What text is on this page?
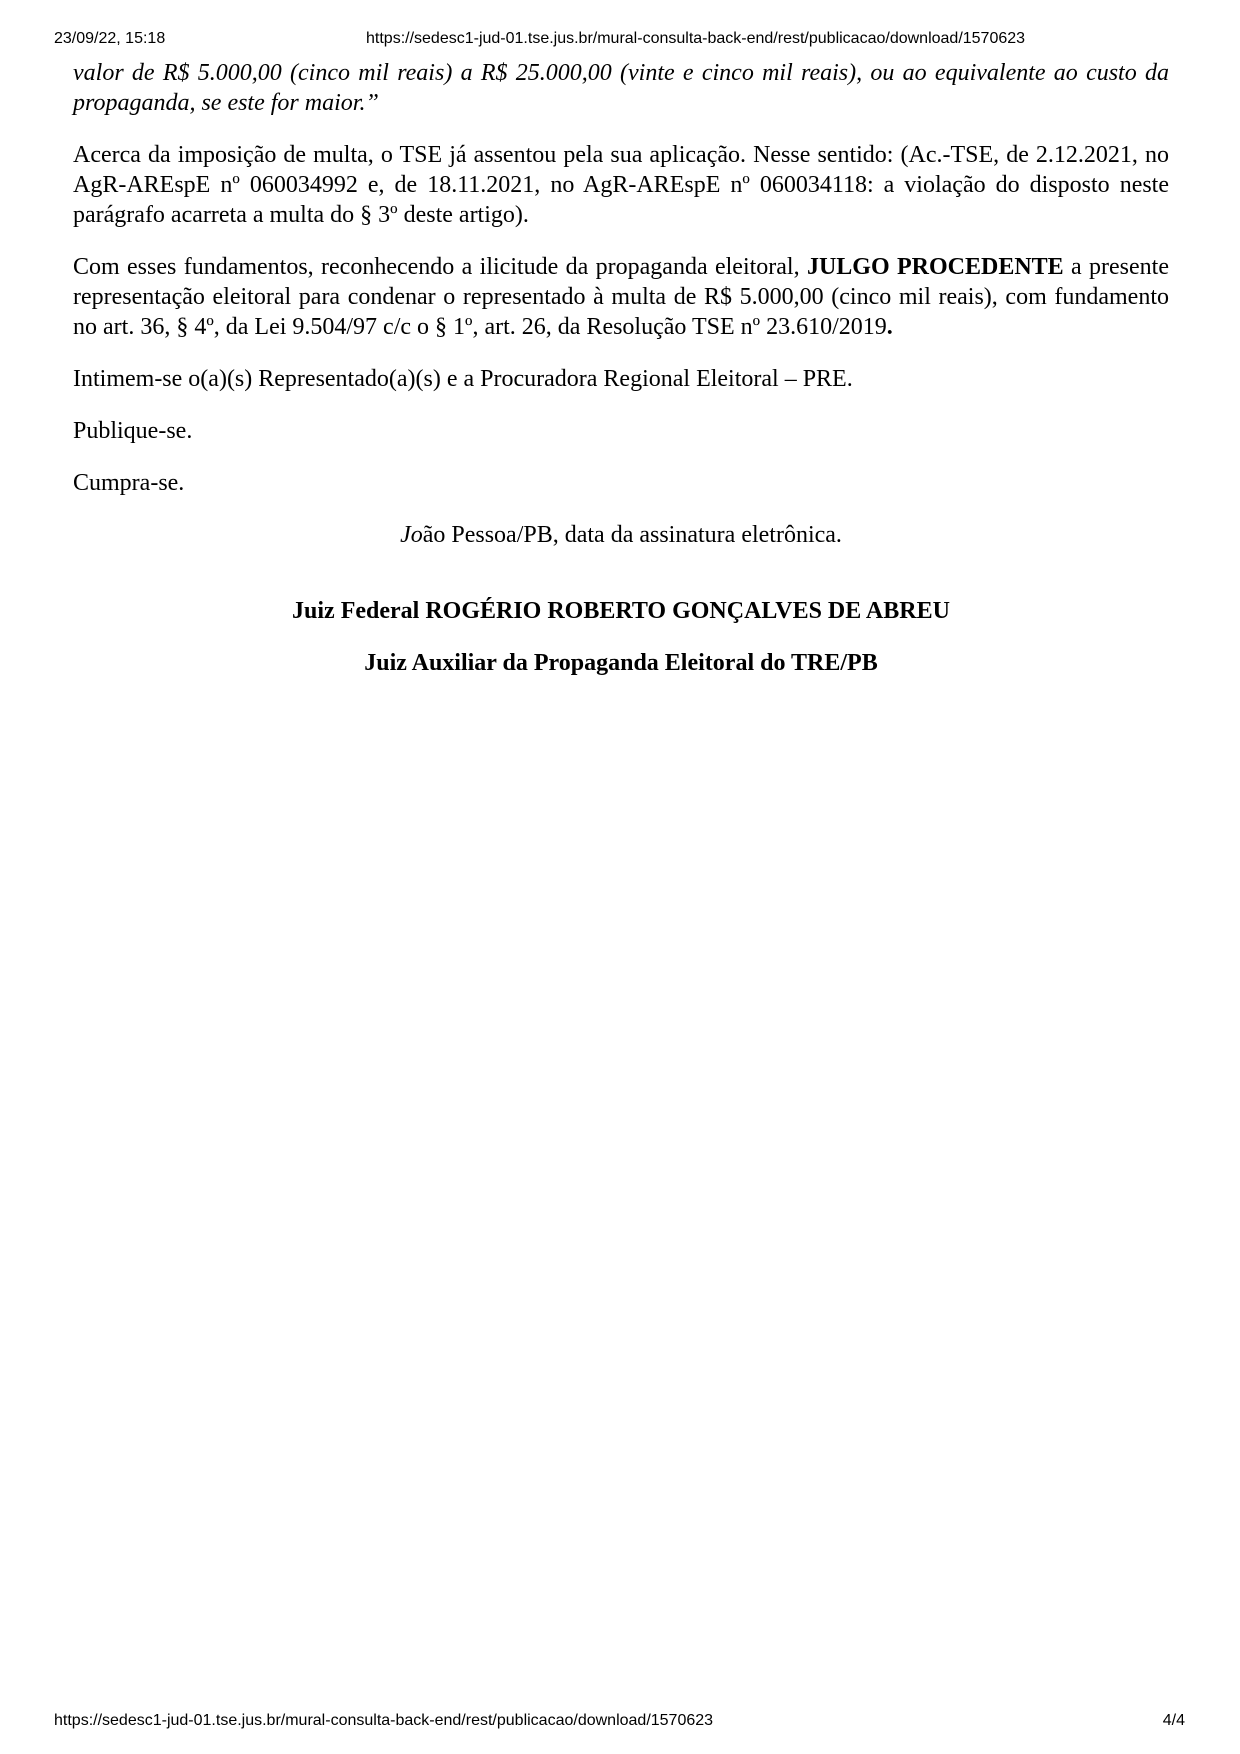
23/09/22, 15:18	https://sedesc1-jud-01.tse.jus.br/mural-consulta-back-end/rest/publicacao/download/1570623

valor de R$ 5.000,00 (cinco mil reais) a R$ 25.000,00 (vinte e cinco mil reais), ou ao equivalente ao custo da propaganda, se este for maior.”

Acerca da imposição de multa, o TSE já assentou pela sua aplicação. Nesse sentido: (Ac.-TSE, de 2.12.2021, no AgR-AREspE nº 060034992 e, de 18.11.2021, no AgR-AREspE nº 060034118: a violação do disposto neste parágrafo acarreta a multa do § 3º deste artigo).

Com esses fundamentos, reconhecendo a ilicitude da propaganda eleitoral, JULGO PROCEDENTE a presente representação eleitoral para condenar o representado à multa de R$ 5.000,00 (cinco mil reais), com fundamento no art. 36, § 4º, da Lei 9.504/97 c/c o § 1º, art. 26, da Resolução TSE nº 23.610/2019.

Intimem-se o(a)(s) Representado(a)(s) e a Procuradora Regional Eleitoral – PRE.

Publique-se.

Cumpra-se.

João Pessoa/PB, data da assinatura eletrônica.

Juiz Federal ROGÉRIO ROBERTO GONÇALVES DE ABREU

Juiz Auxiliar da Propaganda Eleitoral do TRE/PB

https://sedesc1-jud-01.tse.jus.br/mural-consulta-back-end/rest/publicacao/download/1570623	4/4
